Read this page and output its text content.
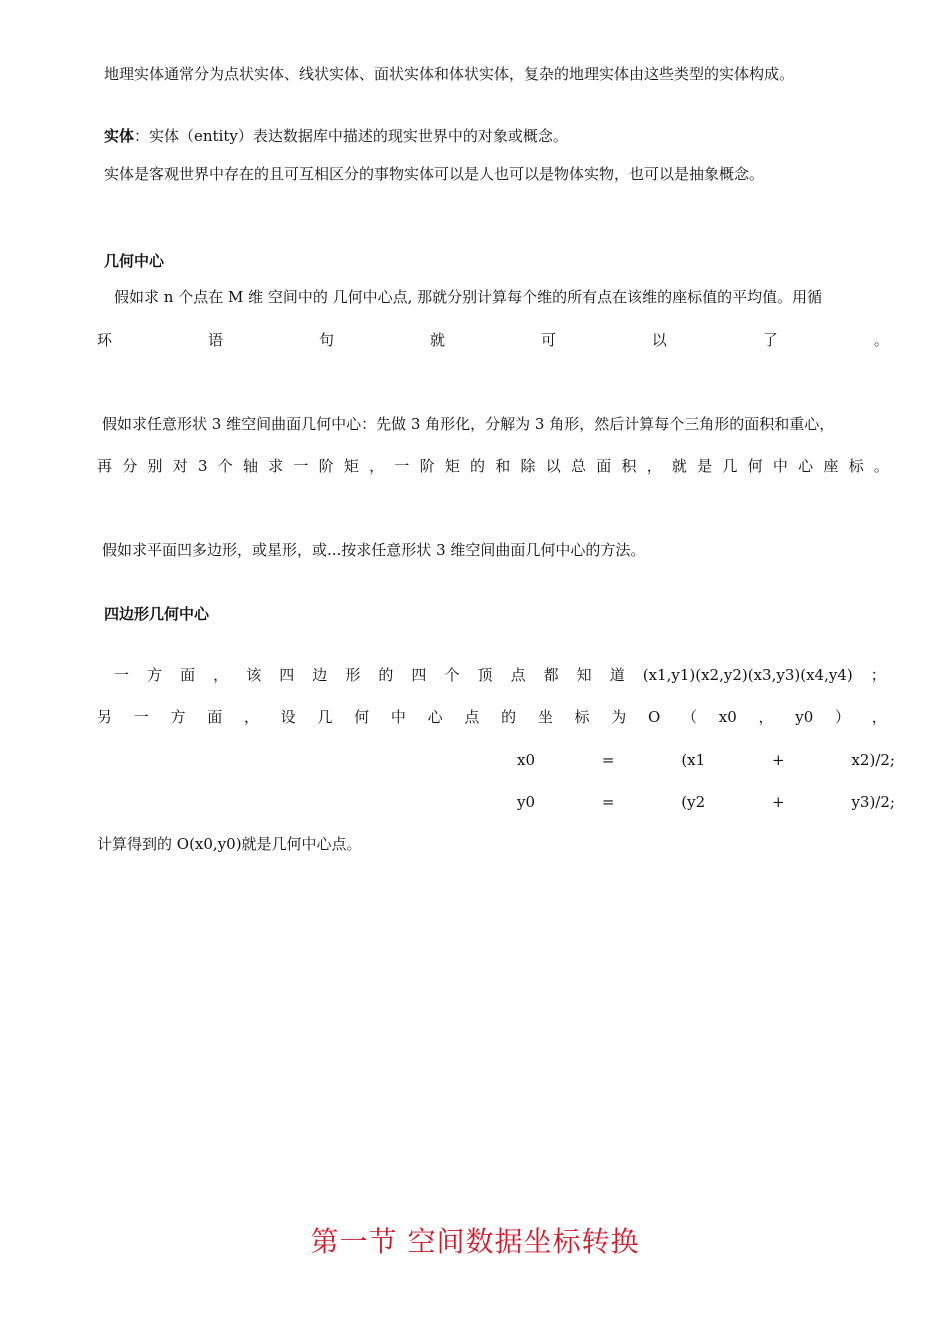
地理实体通常分为点状实体、线状实体、面状实体和体状实体，复杂的地理实体由这些类型的实体构成。
实体：实体（entity）表达数据库中描述的现实世界中的对象或概念。
实体是客观世界中存在的且可互相区分的事物实体可以是人也可以是物体实物，也可以是抽象概念。
几何中心
假如求 n 个点在 M 维 空间中的 几何中心点, 那就分别计算每个维的所有点在该维的座标值的平均值。用循
环	语	句	就	可	以	了	。
假如求任意形状 3 维空间曲面几何中心：先做 3 角形化，分解为 3 角形，然后计算每个三角形的面积和重心，
再 分 别 对 3 个 轴 求 一 阶 矩 ， 一 阶 矩 的 和 除 以 总 面 积 ， 就 是 几 何 中 心 座 标 。
假如求平面凹多边形，或星形，或...按求任意形状 3 维空间曲面几何中心的方法。
四边形几何中心
一 方 面 ， 该 四 边 形 的 四 个 顶 点 都 知 道 (x1,y1)(x2,y2)(x3,y3)(x4,y4) ；
另 一 方 面 ， 设 几 何 中 心 点 的 坐 标 为 O （ x0 ， y0 ） ，
x0	=	(x1	+	x2)/2;
y0	=	(y2	+	y3)/2;
计算得到的 O(x0,y0)就是几何中心点。
第一节 空间数据坐标转换
